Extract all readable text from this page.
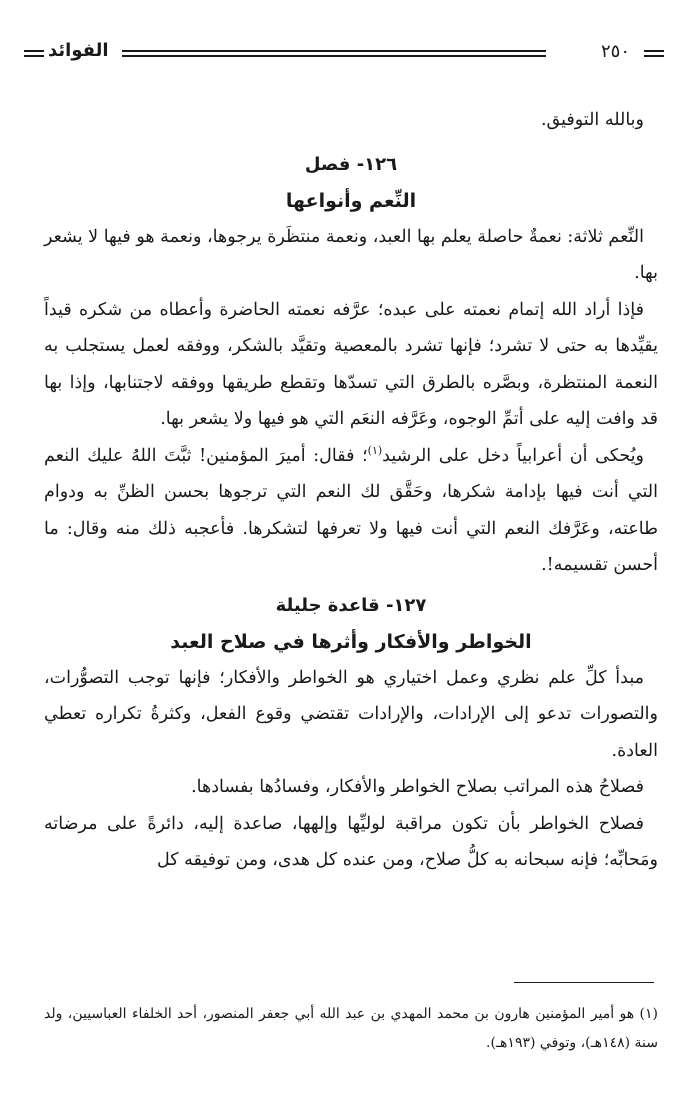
الفوائد	٢٥٠

وبالله التوفيق.

١٢٦- فصل
النِّعم وأنواعها

النِّعم ثلاثة: نعمةٌ حاصلة يعلم بها العبد، ونعمة منتظَرة يرجوها، ونعمة هو فيها لا يشعر بها.

فإذا أراد الله إتمام نعمته على عبده؛ عرَّفه نعمته الحاضرة وأعطاه من شكره قيداً يقيِّدها به حتى لا تشرد؛ فإنها تشرد بالمعصية وتقيَّد بالشكر، ووفقه لعمل يستجلب به النعمة المنتظرة، وبصَّره بالطرق التي تسدّها وتقطع طريقها ووفقه لاجتنابها، وإذا بها قد وافت إليه على أتمِّ الوجوه، وعَرَّفه النعَم التي هو فيها ولا يشعر بها.

ويُحكى أن أعرابياً دخل على الرشيد$^{(١)}$؛ فقال: أميرَ المؤمنين! ثبَّتَ اللهُ عليك النعم التي أنت فيها بإدامة شكرها، وحَقَّق لك النعم التي ترجوها بحسن الظنِّ به ودوام طاعته، وعَرَّفك النعم التي أنت فيها ولا تعرفها لتشكرها. فأعجبه ذلك منه وقال: ما أحسن تقسيمه!.

١٢٧- قاعدة جليلة
الخواطر والأفكار وأثرها في صلاح العبد

مبدأ كلِّ علم نظري وعمل اختياري هو الخواطر والأفكار؛ فإنها توجب التصوُّرات، والتصورات تدعو إلى الإرادات، والإرادات تقتضي وقوع الفعل، وكثرةُ تكراره تعطي العادة.

فصلاحُ هذه المراتب بصلاح الخواطر والأفكار، وفسادُها بفسادها.

فصلاح الخواطر بأن تكون مراقبة لوليِّها وإلهها، صاعدة إليه، دائرةً على مرضاته ومَحابِّه؛ فإنه سبحانه به كلُّ صلاح، ومن عنده كل هدى، ومن توفيقه كل

(١) هو أمير المؤمنين هارون بن محمد المهدي بن عبد الله أبي جعفر المنصور، أحد الخلفاء العباسيين، ولد سنة (١٤٨هـ)، وتوفي (١٩٣هـ).
